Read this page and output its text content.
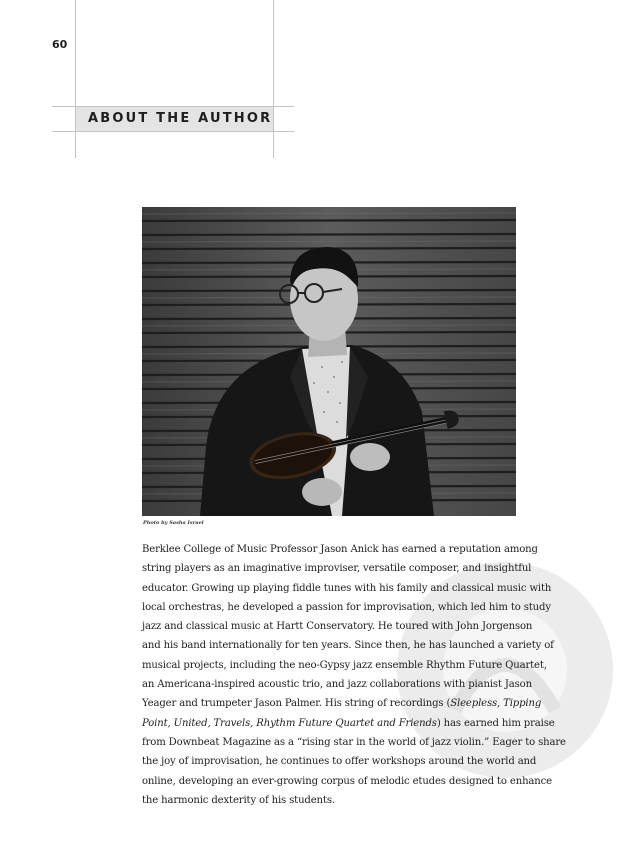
60
ABOUT THE AUTHOR
Photo by Sasha Israel

Berklee College of Music Professor Jason Anick has earned a reputation among
string players as an imaginative improviser, versatile composer, and insightful
educator. Growing up playing fiddle tunes with his family and classical music with
local orchestras, he developed a passion for improvisation, which led him to study
jazz and classical music at Hartt Conservatory. He toured with John Jorgenson
and his band internationally for ten years. Since then, he has launched a variety of
musical projects, including the neo-Gypsy jazz ensemble Rhythm Future Quartet,
an Americana-inspired acoustic trio, and jazz collaborations with pianist Jason
Yeager and trumpeter Jason Palmer. His string of recordings (Sleepless, Tipping
Point, United, Travels, Rhythm Future Quartet and Friends) has earned him praise
from Downbeat Magazine as a “rising star in the world of jazz violin.” Eager to share
the joy of improvisation, he continues to offer workshops around the world and
online, developing an ever-growing corpus of melodic etudes designed to enhance
the harmonic dexterity of his students.
